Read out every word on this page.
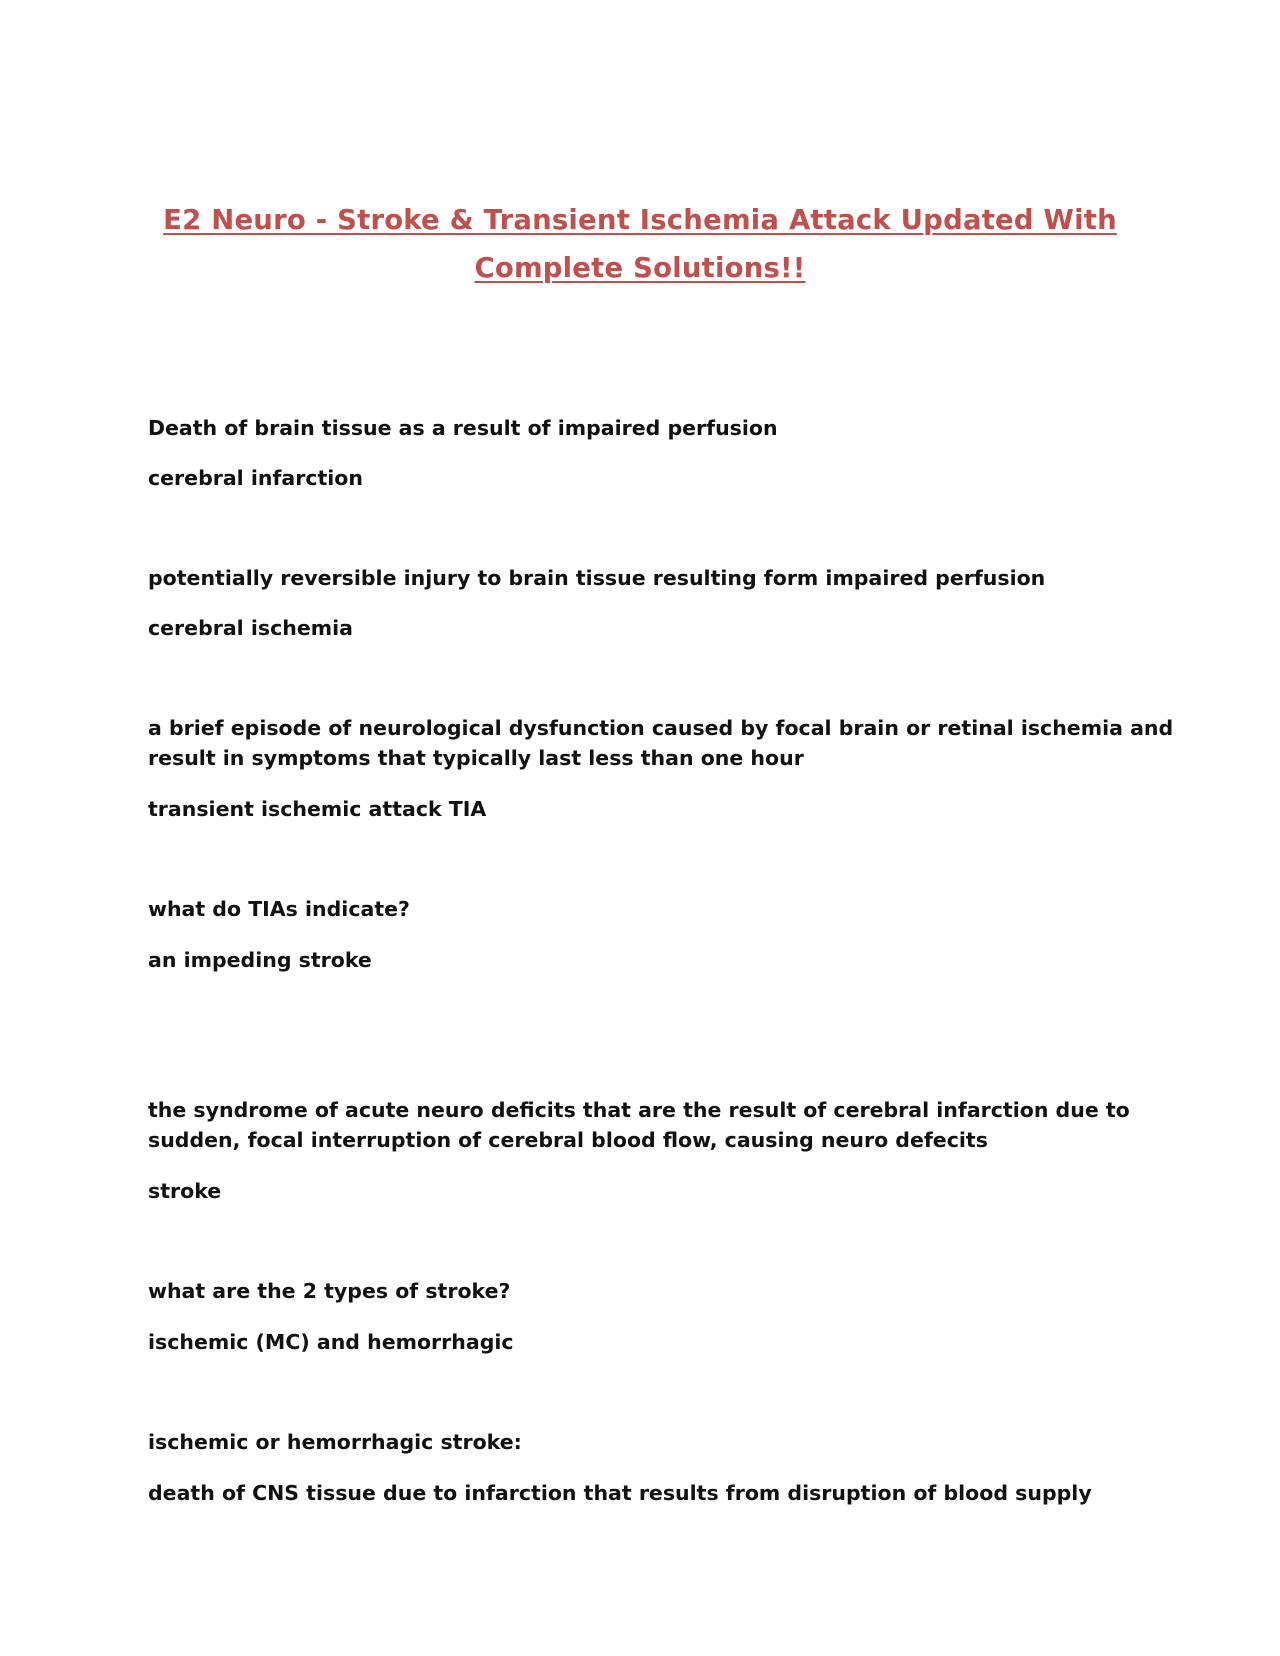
E2 Neuro - Stroke & Transient Ischemia Attack Updated With
Complete Solutions!!
Death of brain tissue as a result of impaired perfusion
cerebral infarction
potentially reversible injury to brain tissue resulting form impaired perfusion
cerebral ischemia
a brief episode of neurological dysfunction caused by focal brain or retinal ischemia and
result in symptoms that typically last less than one hour
transient ischemic attack TIA
what do TIAs indicate?
an impeding stroke
the syndrome of acute neuro deficits that are the result of cerebral infarction due to
sudden, focal interruption of cerebral blood flow, causing neuro defecits
stroke
what are the 2 types of stroke?
ischemic (MC) and hemorrhagic
ischemic or hemorrhagic stroke:
death of CNS tissue due to infarction that results from disruption of blood supply
